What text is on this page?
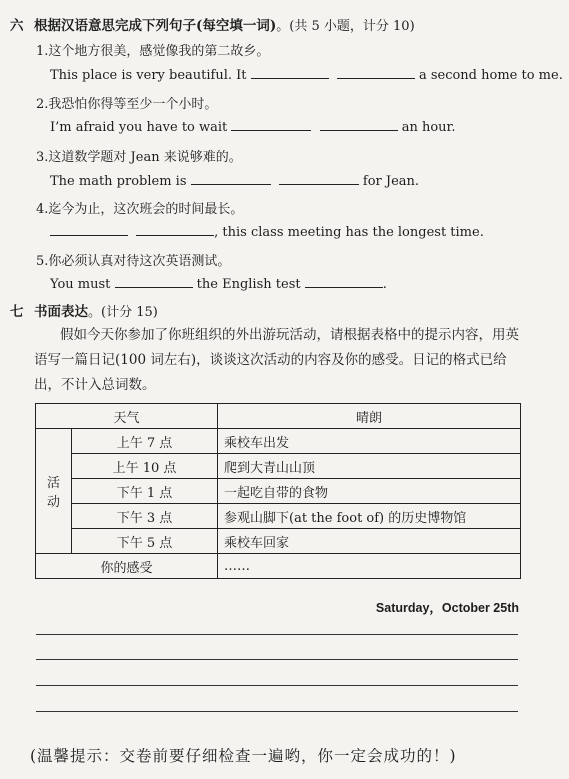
六 根据汉语意思完成下列句子(每空填一词)。(共 5 小题，计分 10)
1.这个地方很美，感觉像我的第二故乡。
This place is very beautiful. It	a second home to me.
2.我恐怕你得等至少一个小时。
I’m afraid you have to wait	an hour.
3.这道数学题对 Jean 来说够难的。
The math problem is	for Jean.
4.迄今为止，这次班会的时间最长。
, this class meeting has the longest time.
5.你必须认真对待这次英语测试。
You must	the English test	.
七 书面表达。(计分 15)
假如今天你参加了你班组织的外出游玩活动，请根据表格中的提示内容，用英语写一篇日记(100 词左右)，谈谈这次活动的内容及你的感受。日记的格式已给出，不计入总词数。
天气		晴朗
活动	上午 7 点	乘校车出发
	上午 10 点	爬到大青山山顶
	下午 1 点	一起吃自带的食物
	下午 3 点	参观山脚下(at the foot of) 的历史博物馆
	下午 5 点	乘校车回家
你的感受		……
Saturday，October 25th
(温馨提示：交卷前要仔细检查一遍哟，你一定会成功的！)
